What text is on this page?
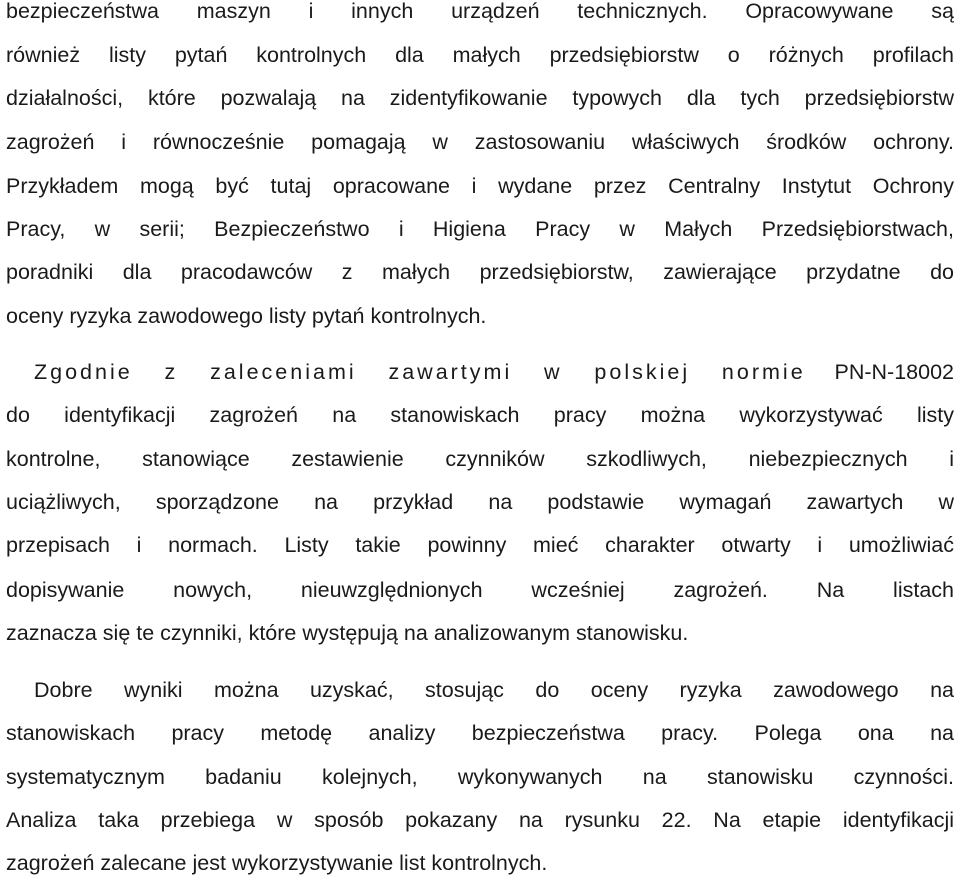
bezpieczeństwa maszyn i innych urządzeń technicznych. Opracowywane są
również listy pytań kontrolnych dla małych przedsiębiorstw o różnych profilach
działalności, które pozwalają na zidentyfikowanie typowych dla tych przedsiębiorstw
zagrożeń i równocześnie pomagają w zastosowaniu właściwych środków ochrony.
Przykładem mogą być tutaj opracowane i wydane przez Centralny Instytut Ochrony
Pracy, w serii; Bezpieczeństwo i Higiena Pracy w Małych Przedsiębiorstwach,
poradniki dla pracodawców z małych przedsiębiorstw, zawierające przydatne do
oceny ryzyka zawodowego listy pytań kontrolnych.
Zgodnie z zaleceniami zawartymi w polskiej normie PN-N-18002
do identyfikacji zagrożeń na stanowiskach pracy można wykorzystywać listy
kontrolne, stanowiące zestawienie czynników szkodliwych, niebezpiecznych i
uciążliwych, sporządzone na przykład na podstawie wymagań zawartych w
przepisach i normach. Listy takie powinny mieć charakter otwarty i umożliwiać
dopisywanie nowych, nieuwzględnionych wcześniej zagrożeń. Na listach
zaznacza się te czynniki, które występują na analizowanym stanowisku.
Dobre wyniki można uzyskać, stosując do oceny ryzyka zawodowego na
stanowiskach pracy metodę analizy bezpieczeństwa pracy. Polega ona na
systematycznym badaniu kolejnych, wykonywanych na stanowisku czynności.
Analiza taka przebiega w sposób pokazany na rysunku 22. Na etapie identyfikacji
zagrożeń zalecane jest wykorzystywanie list kontrolnych.
